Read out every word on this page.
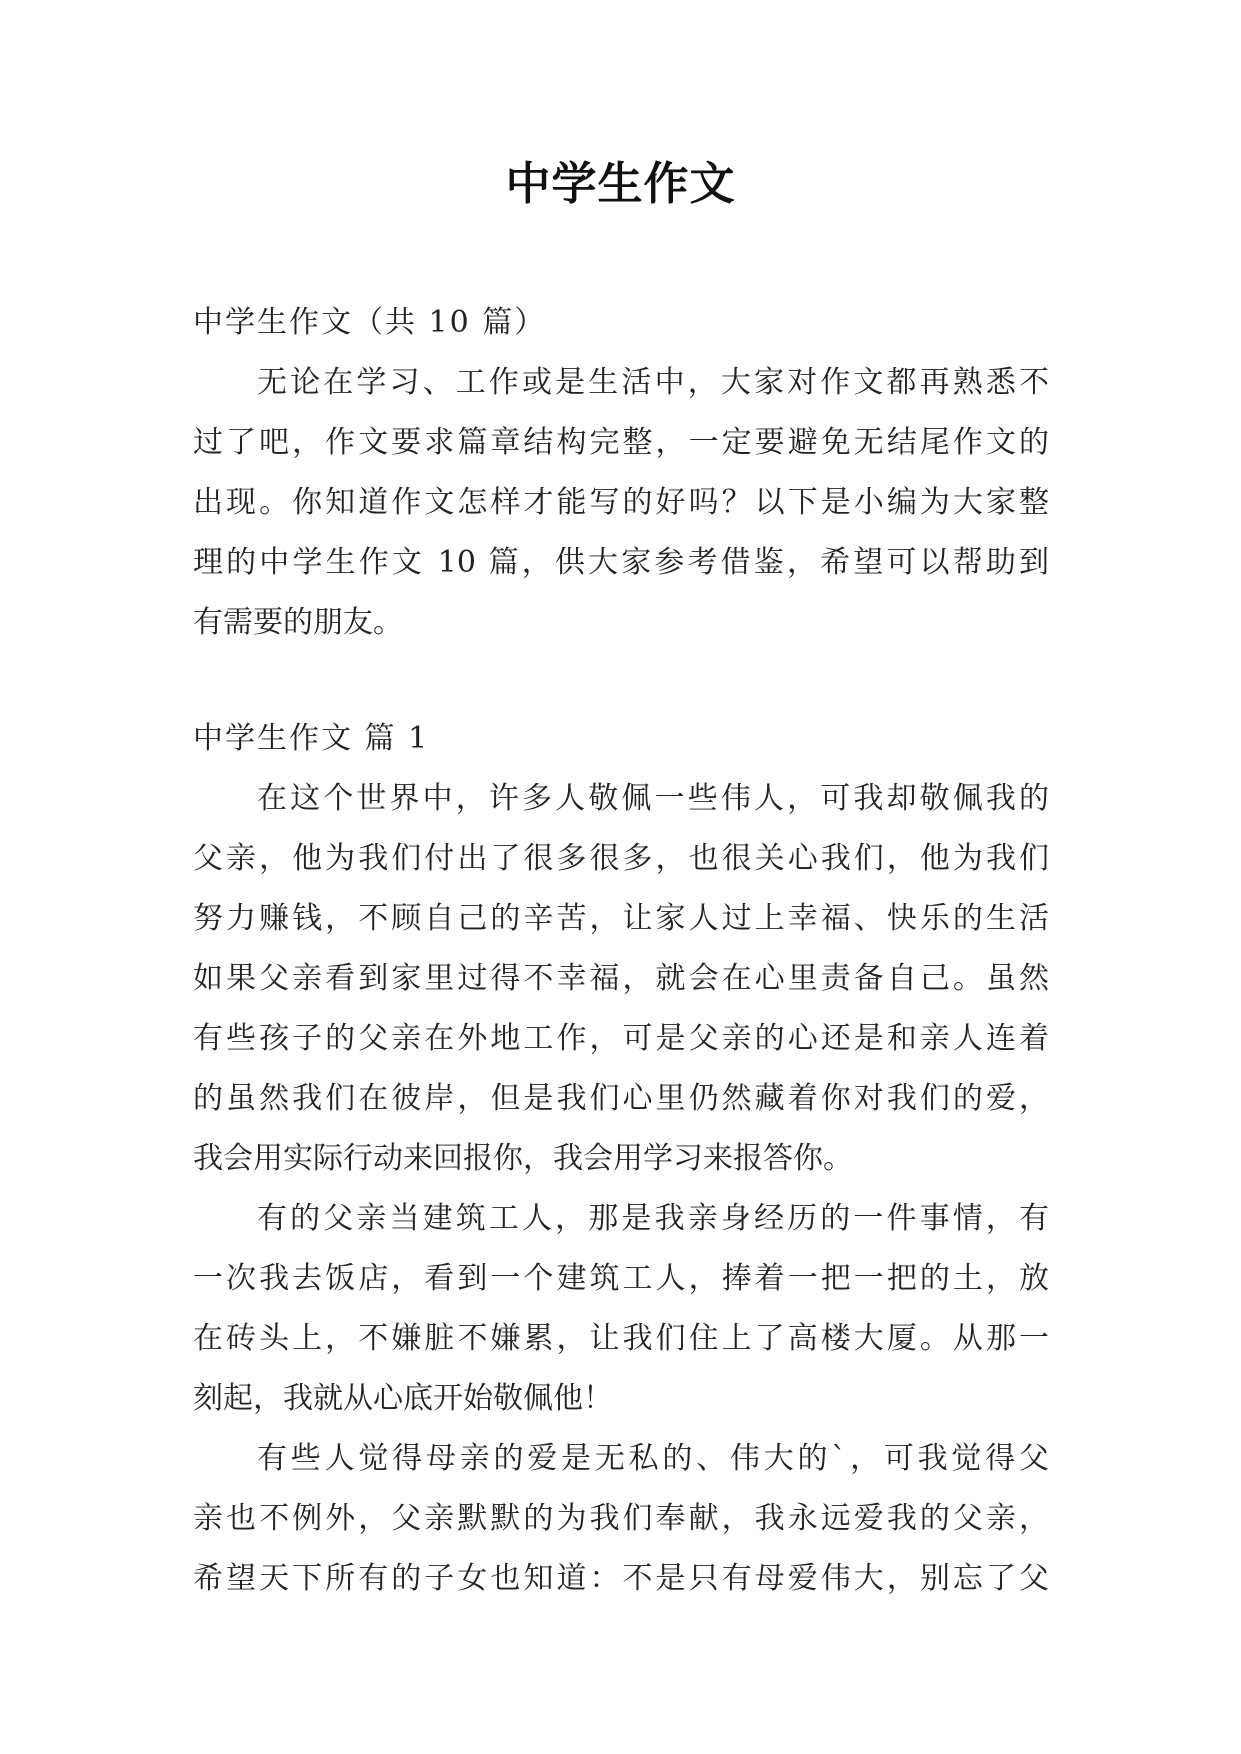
中学生作文
中学生作文（共 10 篇）
无论在学习、工作或是生活中，大家对作文都再熟悉不
过了吧，作文要求篇章结构完整，一定要避免无结尾作文的
出现。你知道作文怎样才能写的好吗？以下是小编为大家整
理的中学生作文 10 篇，供大家参考借鉴，希望可以帮助到
有需要的朋友。
中学生作文 篇 1
在这个世界中，许多人敬佩一些伟人，可我却敬佩我的
父亲，他为我们付出了很多很多，也很关心我们，他为我们
努力赚钱，不顾自己的辛苦，让家人过上幸福、快乐的生活
如果父亲看到家里过得不幸福，就会在心里责备自己。虽然
有些孩子的父亲在外地工作，可是父亲的心还是和亲人连着
的虽然我们在彼岸，但是我们心里仍然藏着你对我们的爱，
我会用实际行动来回报你，我会用学习来报答你。
有的父亲当建筑工人，那是我亲身经历的一件事情，有
一次我去饭店，看到一个建筑工人，捧着一把一把的土，放
在砖头上，不嫌脏不嫌累，让我们住上了高楼大厦。从那一
刻起，我就从心底开始敬佩他！
有些人觉得母亲的爱是无私的、伟大的`，可我觉得父
亲也不例外，父亲默默的为我们奉献，我永远爱我的父亲，
希望天下所有的子女也知道：不是只有母爱伟大，别忘了父
